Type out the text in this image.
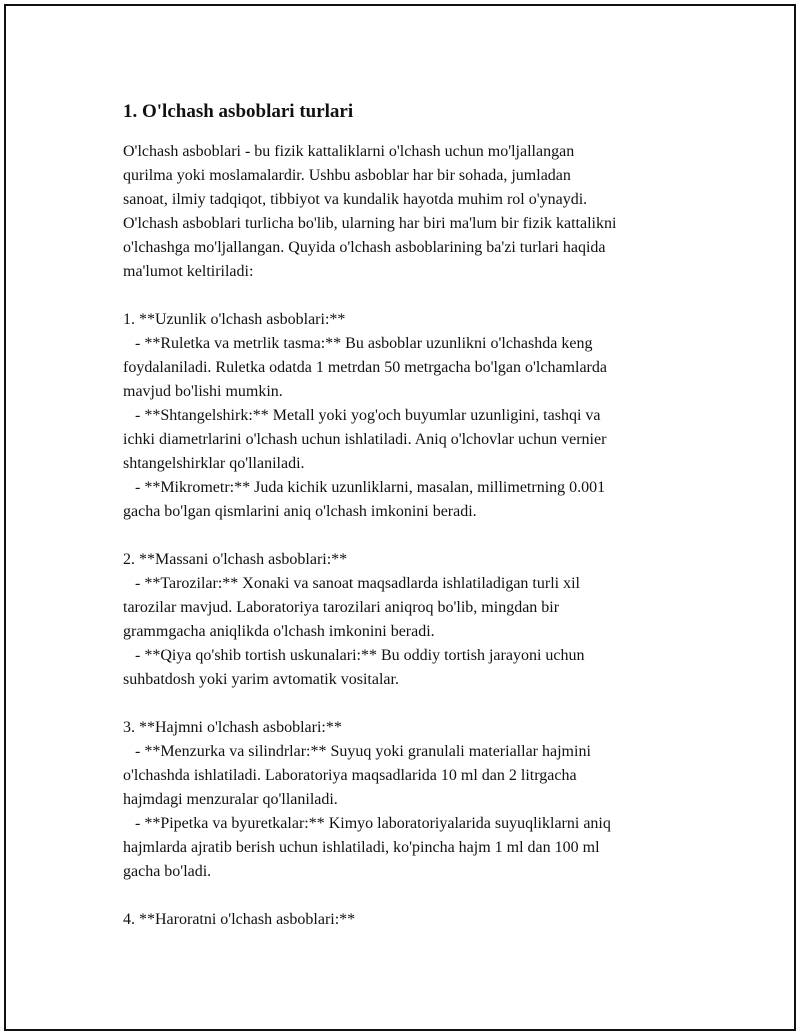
1. O'lchash asboblari turlari

O'lchash asboblari - bu fizik kattaliklarni o'lchash uchun mo'ljallangan
qurilma yoki moslamalardir. Ushbu asboblar har bir sohada, jumladan
sanoat, ilmiy tadqiqot, tibbiyot va kundalik hayotda muhim rol o'ynaydi.
O'lchash asboblari turlicha bo'lib, ularning har biri ma'lum bir fizik kattalikni
o'lchashga mo'ljallangan. Quyida o'lchash asboblarining ba'zi turlari haqida
ma'lumot keltiriladi:

1. **Uzunlik o'lchash asboblari:**

- **Ruletka va metrlik tasma:** Bu asboblar uzunlikni o'lchashda keng
foydalaniladi. Ruletka odatda 1 metrdan 50 metrgacha bo'lgan o'lchamlarda
mavjud bo'lishi mumkin.

- **Shtangelshirk:** Metall yoki yog'och buyumlar uzunligini, tashqi va
ichki diametrlarini o'lchash uchun ishlatiladi. Aniq o'lchovlar uchun vernier
shtangelshirklar qo'llaniladi.

- **Mikrometr:** Juda kichik uzunliklarni, masalan, millimetrning 0.001
gacha bo'lgan qismlarini aniq o'lchash imkonini beradi.

2. **Massani o'lchash asboblari:**

- **Tarozilar:** Xonaki va sanoat maqsadlarda ishlatiladigan turli xil
tarozilar mavjud. Laboratoriya tarozilari aniqroq bo'lib, mingdan bir
grammgacha aniqlikda o'lchash imkonini beradi.

- **Qiya qo'shib tortish uskunalari:** Bu oddiy tortish jarayoni uchun
suhbatdosh yoki yarim avtomatik vositalar.

3. **Hajmni o'lchash asboblari:**

- **Menzurka va silindrlar:** Suyuq yoki granulali materiallar hajmini
o'lchashda ishlatiladi. Laboratoriya maqsadlarida 10 ml dan 2 litrgacha
hajmdagi menzuralar qo'llaniladi.

- **Pipetka va byuretkalar:** Kimyo laboratoriyalarida suyuqliklarni aniq
hajmlarda ajratib berish uchun ishlatiladi, ko'pincha hajm 1 ml dan 100 ml
gacha bo'ladi.

4. **Haroratni o'lchash asboblari:**
